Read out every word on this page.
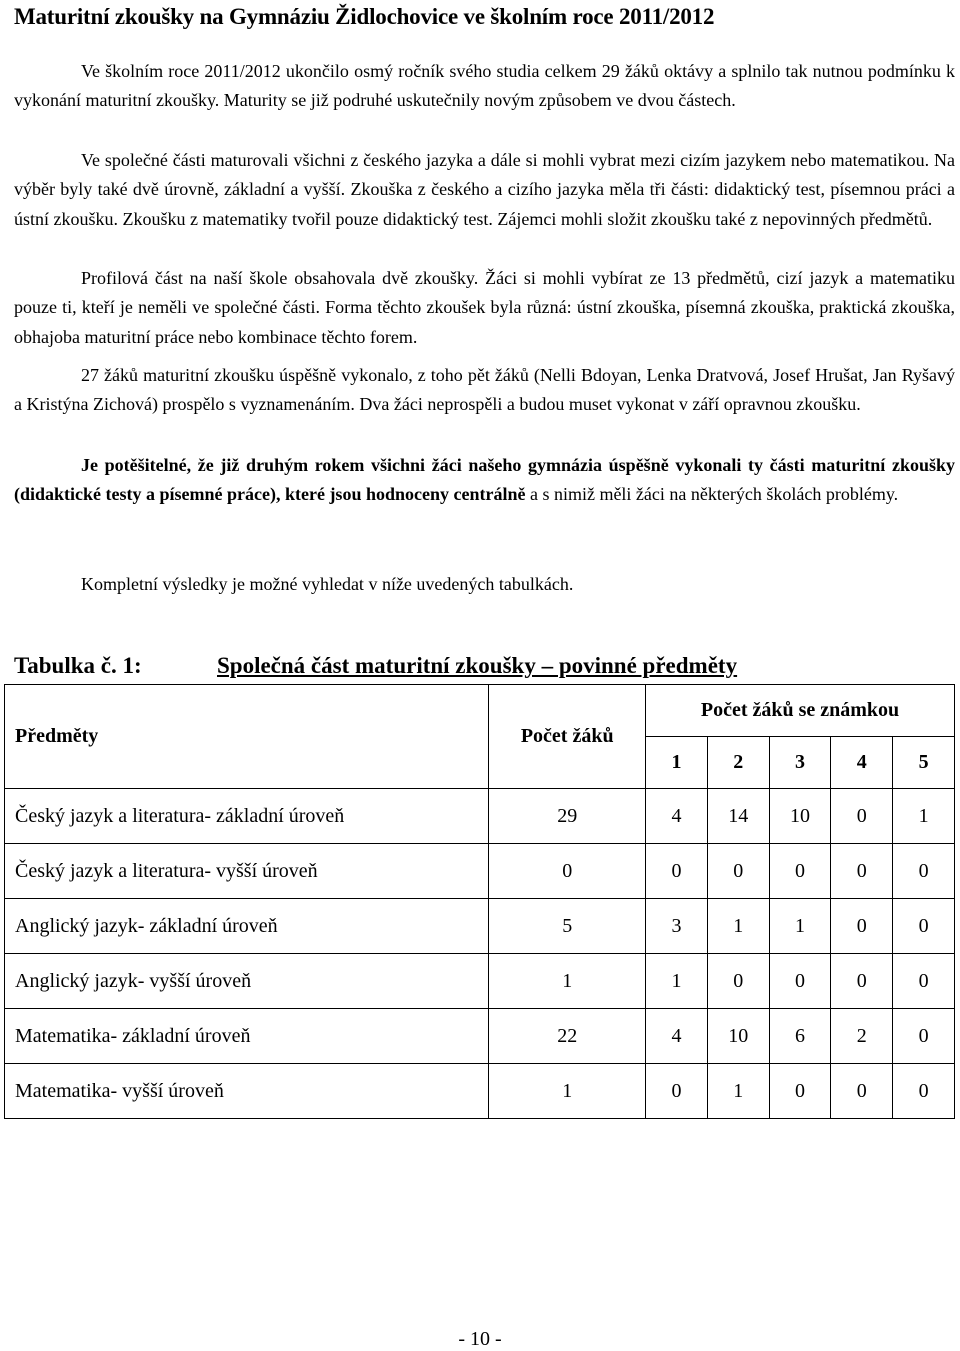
Maturitní zkoušky na Gymnáziu Židlochovice ve školním roce 2011/2012

Ve školním roce 2011/2012 ukončilo osmý ročník svého studia celkem 29 žáků oktávy a splnilo tak nutnou podmínku k vykonání maturitní zkoušky. Maturity se již podruhé uskutečnily novým způsobem ve dvou částech.

Ve společné části maturovali všichni z českého jazyka a dále si mohli vybrat mezi cizím jazykem nebo matematikou. Na výběr byly také dvě úrovně, základní a vyšší. Zkouška z českého a cizího jazyka měla tři části: didaktický test, písemnou práci a ústní zkoušku. Zkoušku z matematiky tvořil pouze didaktický test. Zájemci mohli složit zkoušku také z nepovinných předmětů.

Profilová část na naší škole obsahovala dvě zkoušky. Žáci si mohli vybírat ze 13 předmětů, cizí jazyk a matematiku pouze ti, kteří je neměli ve společné části. Forma těchto zkoušek byla různá: ústní zkouška, písemná zkouška, praktická zkouška, obhajoba maturitní práce nebo kombinace těchto forem.

27 žáků maturitní zkoušku úspěšně vykonalo, z toho pět žáků (Nelli Bdoyan, Lenka Dratvová, Josef Hrušat, Jan Ryšavý a Kristýna Zichová) prospělo s vyznamenáním. Dva žáci neprospěli a budou muset vykonat v září opravnou zkoušku.

Je potěšitelné, že již druhým rokem všichni žáci našeho gymnázia úspěšně vykonali ty části maturitní zkoušky (didaktické testy a písemné práce), které jsou hodnoceny centrálně a s nimiž měli žáci na některých školách problémy.

Kompletní výsledky je možné vyhledat v níže uvedených tabulkách.

Tabulka č. 1:	Společná část maturitní zkoušky – povinné předměty
Předměty	Počet žáků	Počet žáků se známkou				
		1	2	3	4	5
Český jazyk a literatura- základní úroveň	29	4	14	10	0	1
Český jazyk a literatura- vyšší úroveň	0	0	0	0	0	0
Anglický jazyk- základní úroveň	5	3	1	1	0	0
Anglický jazyk- vyšší úroveň	1	1	0	0	0	0
Matematika- základní úroveň	22	4	10	6	2	0
Matematika- vyšší úroveň	1	0	1	0	0	0
- 10 -
